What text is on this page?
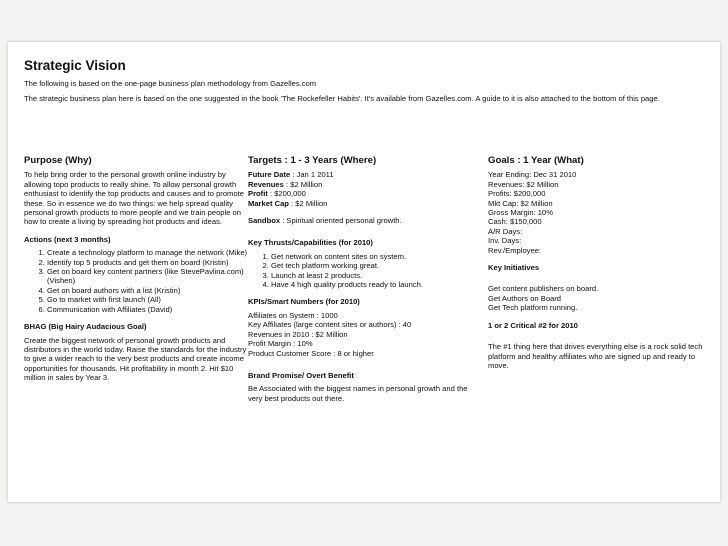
Strategic Vision

The following is based on the one-page business plan methodology from Gazelles.com

The strategic business plan here is based on the one suggested in the book 'The Rockefeller Habits'. It's available from Gazelles.com. A guide to it is also attached to the bottom of this page.

Purpose (Why)

To help bring order to the personal growth online industry by allowing topo products to really shine. To allow personal growth enthusiast to identify the top products and causes and to promote these. So in essence we do two things: we help spread quality personal growth products to more people and we train people on how to create a living by spreading hot products and ideas.

Actions (next 3 months)
1. Create a technology platform to manage the network (Mike)
2. Identify top 5 products and get them on board (Kristin)
3. Get on board key content partners (like StevePavlina.com) (Vishen)
4. Get on board authors with a list (Kristin)
5. Go to market with first launch (All)
6. Communication with Affiliates (David)
BHAG (Big Hairy Audacious Goal)

Create the biggest network of personal growth products and distributors in the world today. Raise the standards for the industry to give a wider reach to the very best products and create income opportunities for thousands. Hit profitability in month 2. Hit $10 million in sales by Year 3.

Targets : 1 - 3 Years (Where)

Future Date : Jan 1 2011

Revenues : $2 Million

Profit : $200,000

Market Cap : $2 Million

Sandbox : Spiritual oriented personal growth.

Key Thrusts/Capabilities (for 2010)
1. Get network on content sites on system.
2. Get tech platform working great.
3. Launch at least 2 products.
4. Have 4 high quality products ready to launch.
KPIs/Smart Numbers (for 2010)

Affiliates on System : 1000

Key Affiliates (large content sites or authors) : 40

Revenues in 2010 : $2 Million

Profit Margin : 10%

Product Customer Score : 8 or higher

Brand Promise/ Overt Benefit

Be Associated with the biggest names in personal growth and the very best products out there.

Goals : 1 Year (What)

Year Ending: Dec 31 2010

Revenues: $2 Million

Profits: $200,000

Mkt Cap: $2 Million

Gross Margin: 10%

Cash: $150,000

A/R Days:

Inv. Days:

Rev./Employee:

Key Initiatives

Get content publishers on board.

Get Authors on Board

Get Tech platform running.

1 or 2 Critical #2 for 2010

The #1 thing here that drives everything else is a rock solid tech platform and healthy affiliates who are signed up and ready to move.
